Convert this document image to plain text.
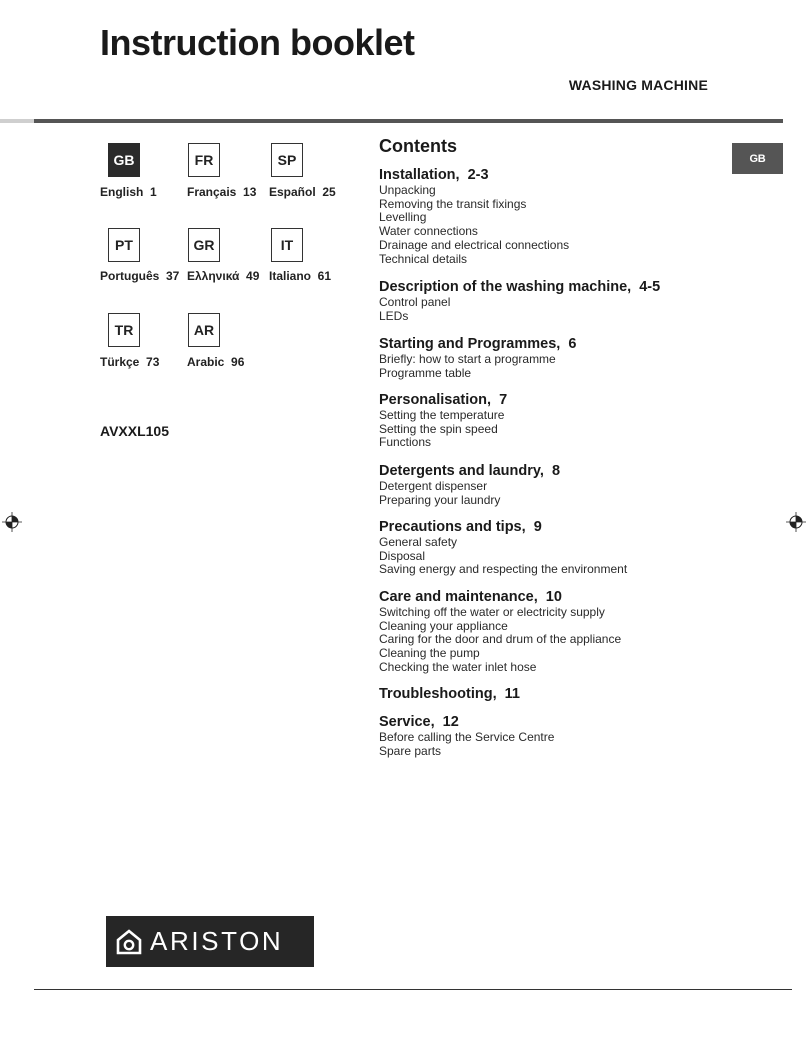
Instruction booklet
WASHING MACHINE
GB
English  1
FR
Français  13
SP
Español  25
PT
Português  37
GR
Ελληνικά  49
IT
Italiano  61
TR
Türkçe  73
AR
Arabic  96
AVXXL105
Contents
Installation,  2-3
Unpacking
Removing the transit fixings
Levelling
Water connections
Drainage and electrical connections
Technical details
Description of the washing machine,  4-5
Control panel
LEDs
Starting and Programmes,  6
Briefly: how to start a programme
Programme table
Personalisation,  7
Setting the temperature
Setting the spin speed
Functions
Detergents and laundry,  8
Detergent dispenser
Preparing your laundry
Precautions and tips,  9
General safety
Disposal
Saving energy and respecting the environment
Care and maintenance,  10
Switching off the water or electricity supply
Cleaning your appliance
Caring for the door and drum of the appliance
Cleaning the pump
Checking the water inlet hose
Troubleshooting,  11
Service,  12
Before calling the Service Centre
Spare parts
GB
ARISTON
